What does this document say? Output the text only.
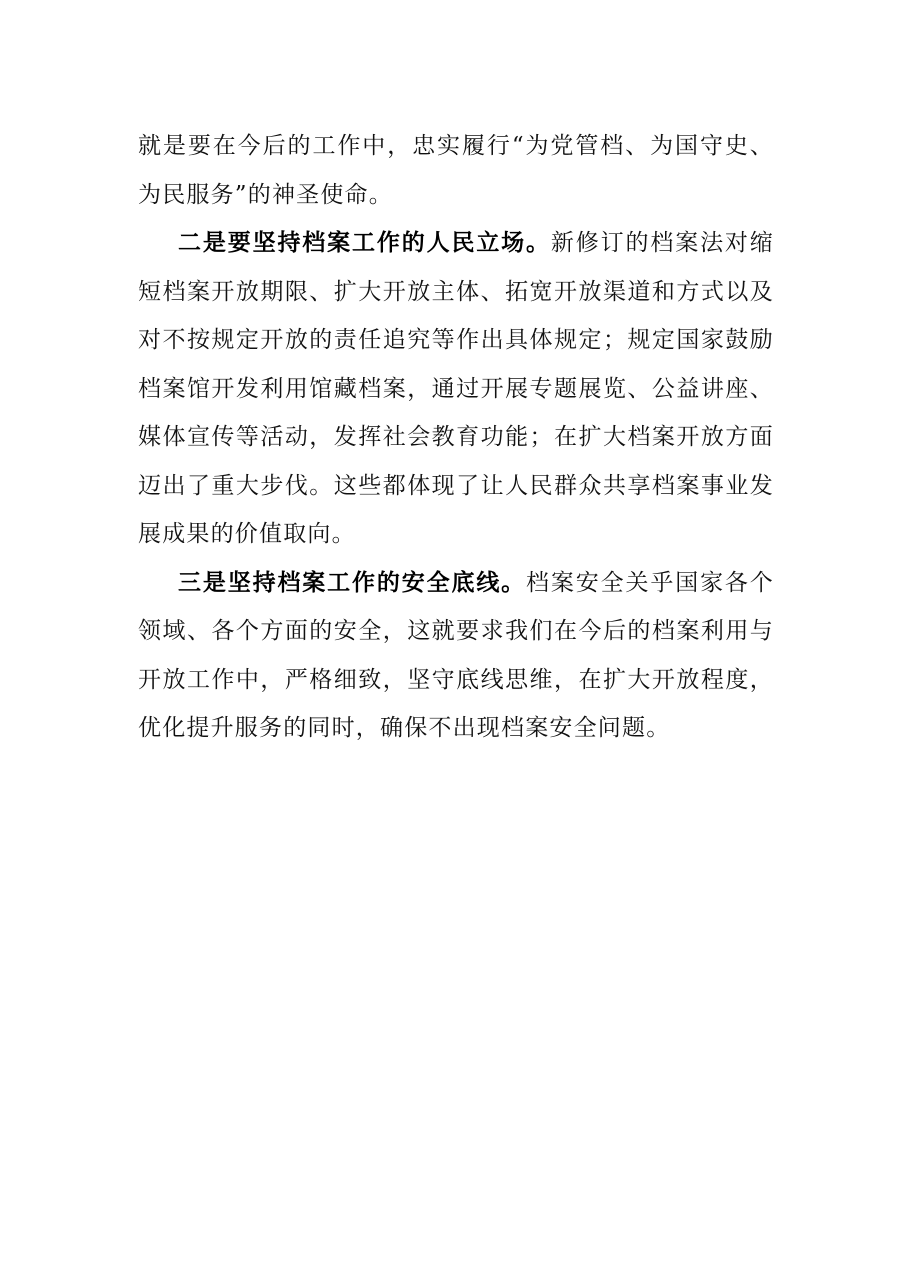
就是要在今后的工作中，忠实履行“为党管档、为国守史、为民服务”的神圣使命。

二是要坚持档案工作的人民立场。新修订的档案法对缩短档案开放期限、扩大开放主体、拓宽开放渠道和方式以及对不按规定开放的责任追究等作出具体规定；规定国家鼓励档案馆开发利用馆藏档案，通过开展专题展览、公益讲座、媒体宣传等活动，发挥社会教育功能；在扩大档案开放方面迈出了重大步伐。这些都体现了让人民群众共享档案事业发展成果的价值取向。

三是坚持档案工作的安全底线。档案安全关乎国家各个领域、各个方面的安全，这就要求我们在今后的档案利用与开放工作中，严格细致，坚守底线思维，在扩大开放程度，优化提升服务的同时，确保不出现档案安全问题。
